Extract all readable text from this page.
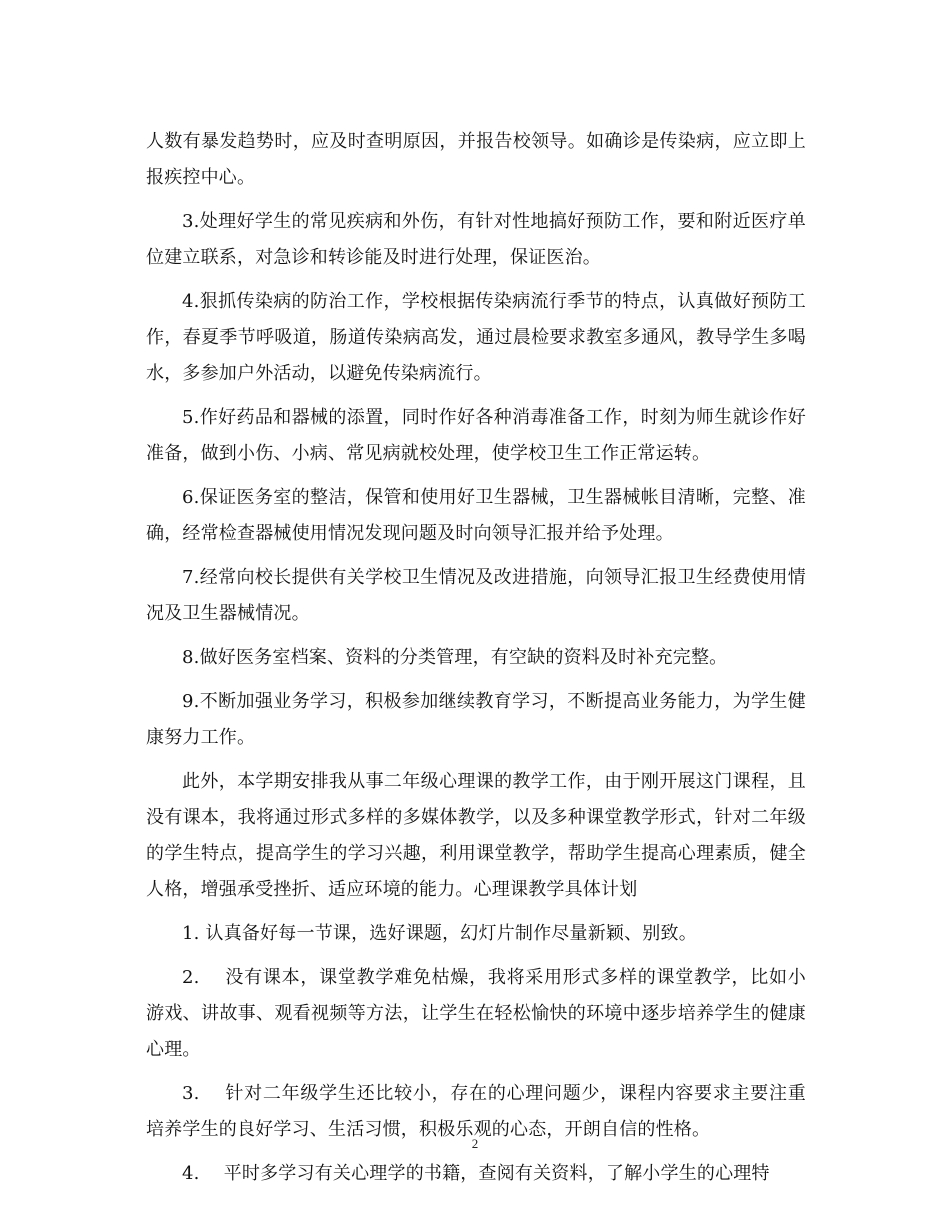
人数有暴发趋势时，应及时查明原因，并报告校领导。如确诊是传染病，应立即上报疾控中心。

3.处理好学生的常见疾病和外伤，有针对性地搞好预防工作，要和附近医疗单位建立联系，对急诊和转诊能及时进行处理，保证医治。

4.狠抓传染病的防治工作，学校根据传染病流行季节的特点，认真做好预防工作，春夏季节呼吸道，肠道传染病高发，通过晨检要求教室多通风，教导学生多喝水，多参加户外活动，以避免传染病流行。

5.作好药品和器械的添置，同时作好各种消毒准备工作，时刻为师生就诊作好准备，做到小伤、小病、常见病就校处理，使学校卫生工作正常运转。

6.保证医务室的整洁，保管和使用好卫生器械，卫生器械帐目清晰，完整、准确，经常检查器械使用情况发现问题及时向领导汇报并给予处理。

7.经常向校长提供有关学校卫生情况及改进措施，向领导汇报卫生经费使用情况及卫生器械情况。

8.做好医务室档案、资料的分类管理，有空缺的资料及时补充完整。

9.不断加强业务学习，积极参加继续教育学习，不断提高业务能力，为学生健康努力工作。

此外，本学期安排我从事二年级心理课的教学工作，由于刚开展这门课程，且没有课本，我将通过形式多样的多媒体教学，以及多种课堂教学形式，针对二年级的学生特点，提高学生的学习兴趣，利用课堂教学，帮助学生提高心理素质，健全人格，增强承受挫折、适应环境的能力。心理课教学具体计划

1. 认真备好每一节课，选好课题，幻灯片制作尽量新颖、别致。

2.　 没有课本，课堂教学难免枯燥，我将采用形式多样的课堂教学，比如小游戏、讲故事、观看视频等方法，让学生在轻松愉快的环境中逐步培养学生的健康心理。

3.　 针对二年级学生还比较小，存在的心理问题少，课程内容要求主要注重培养学生的良好学习、生活习惯，积极乐观的心态，开朗自信的性格。

4.　 平时多学习有关心理学的书籍，查阅有关资料，了解小学生的心理特

2
